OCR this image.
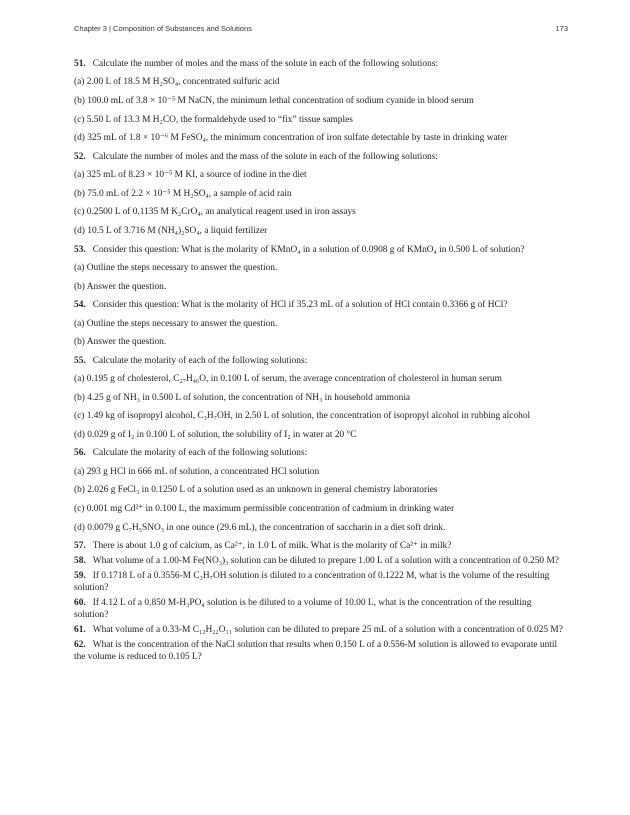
Chapter 3 | Composition of Substances and Solutions	173
51. Calculate the number of moles and the mass of the solute in each of the following solutions:
(a) 2.00 L of 18.5 M H₂SO₄, concentrated sulfuric acid
(b) 100.0 mL of 3.8 × 10⁻⁵ M NaCN, the minimum lethal concentration of sodium cyanide in blood serum
(c) 5.50 L of 13.3 M H₂CO, the formaldehyde used to “fix” tissue samples
(d) 325 mL of 1.8 × 10⁻⁶ M FeSO₄, the minimum concentration of iron sulfate detectable by taste in drinking water
52. Calculate the number of moles and the mass of the solute in each of the following solutions:
(a) 325 mL of 8.23 × 10⁻⁵ M KI, a source of iodine in the diet
(b) 75.0 mL of 2.2 × 10⁻⁵ M H₂SO₄, a sample of acid rain
(c) 0.2500 L of 0.1135 M K₂CrO₄, an analytical reagent used in iron assays
(d) 10.5 L of 3.716 M (NH₄)₂SO₄, a liquid fertilizer
53. Consider this question: What is the molarity of KMnO₄ in a solution of 0.0908 g of KMnO₄ in 0.500 L of solution?
(a) Outline the steps necessary to answer the question.
(b) Answer the question.
54. Consider this question: What is the molarity of HCl if 35.23 mL of a solution of HCl contain 0.3366 g of HCl?
(a) Outline the steps necessary to answer the question.
(b) Answer the question.
55. Calculate the molarity of each of the following solutions:
(a) 0.195 g of cholesterol, C₂₇H₄₆O, in 0.100 L of serum, the average concentration of cholesterol in human serum
(b) 4.25 g of NH₃ in 0.500 L of solution, the concentration of NH₃ in household ammonia
(c) 1.49 kg of isopropyl alcohol, C₃H₇OH, in 2.50 L of solution, the concentration of isopropyl alcohol in rubbing alcohol
(d) 0.029 g of I₂ in 0.100 L of solution, the solubility of I₂ in water at 20 °C
56. Calculate the molarity of each of the following solutions:
(a) 293 g HCl in 666 mL of solution, a concentrated HCl solution
(b) 2.026 g FeCl₃ in 0.1250 L of a solution used as an unknown in general chemistry laboratories
(c) 0.001 mg Cd²⁺ in 0.100 L, the maximum permissible concentration of cadmium in drinking water
(d) 0.0079 g C₇H₅SNO₃ in one ounce (29.6 mL), the concentration of saccharin in a diet soft drink.
57. There is about 1.0 g of calcium, as Ca²⁺, in 1.0 L of milk. What is the molarity of Ca²⁺ in milk?
58. What volume of a 1.00-M Fe(NO₃)₃ solution can be diluted to prepare 1.00 L of a solution with a concentration of 0.250 M?
59. If 0.1718 L of a 0.3556-M C₃H₇OH solution is diluted to a concentration of 0.1222 M, what is the volume of the resulting solution?
60. If 4.12 L of a 0.850 M-H₃PO₄ solution is be diluted to a volume of 10.00 L, what is the concentration of the resulting solution?
61. What volume of a 0.33-M C₁₂H₂₂O₁₁ solution can be diluted to prepare 25 mL of a solution with a concentration of 0.025 M?
62. What is the concentration of the NaCl solution that results when 0.150 L of a 0.556-M solution is allowed to evaporate until the volume is reduced to 0.105 L?
